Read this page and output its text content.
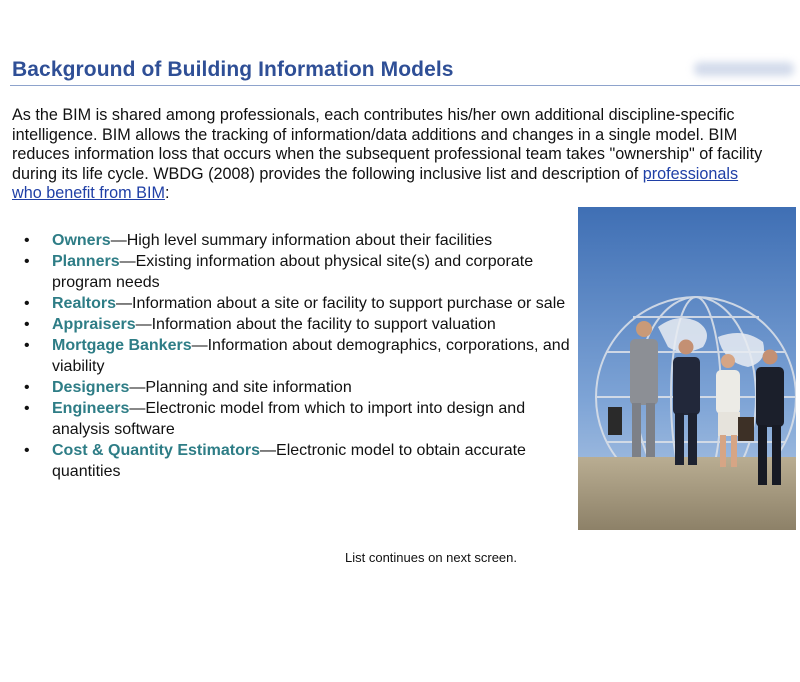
Background of Building Information Models
As the BIM is shared among professionals, each contributes his/her own additional discipline-specific intelligence. BIM allows the tracking of information/data additions and changes in a single model. BIM reduces information loss that occurs when the subsequent professional team takes "ownership" of facility during its life cycle. WBDG (2008) provides the following inclusive list and description of professionals who benefit from BIM:
• Owners—High level summary information about their facilities
• Planners—Existing information about physical site(s) and corporate program needs
• Realtors—Information about a site or facility to support purchase or sale
• Appraisers—Information about the facility to support valuation
• Mortgage Bankers—Information about demographics, corporations, and viability
• Designers—Planning and site information
• Engineers—Electronic model from which to import into design and analysis software
• Cost & Quantity Estimators—Electronic model to obtain accurate quantities
List continues on next screen.
